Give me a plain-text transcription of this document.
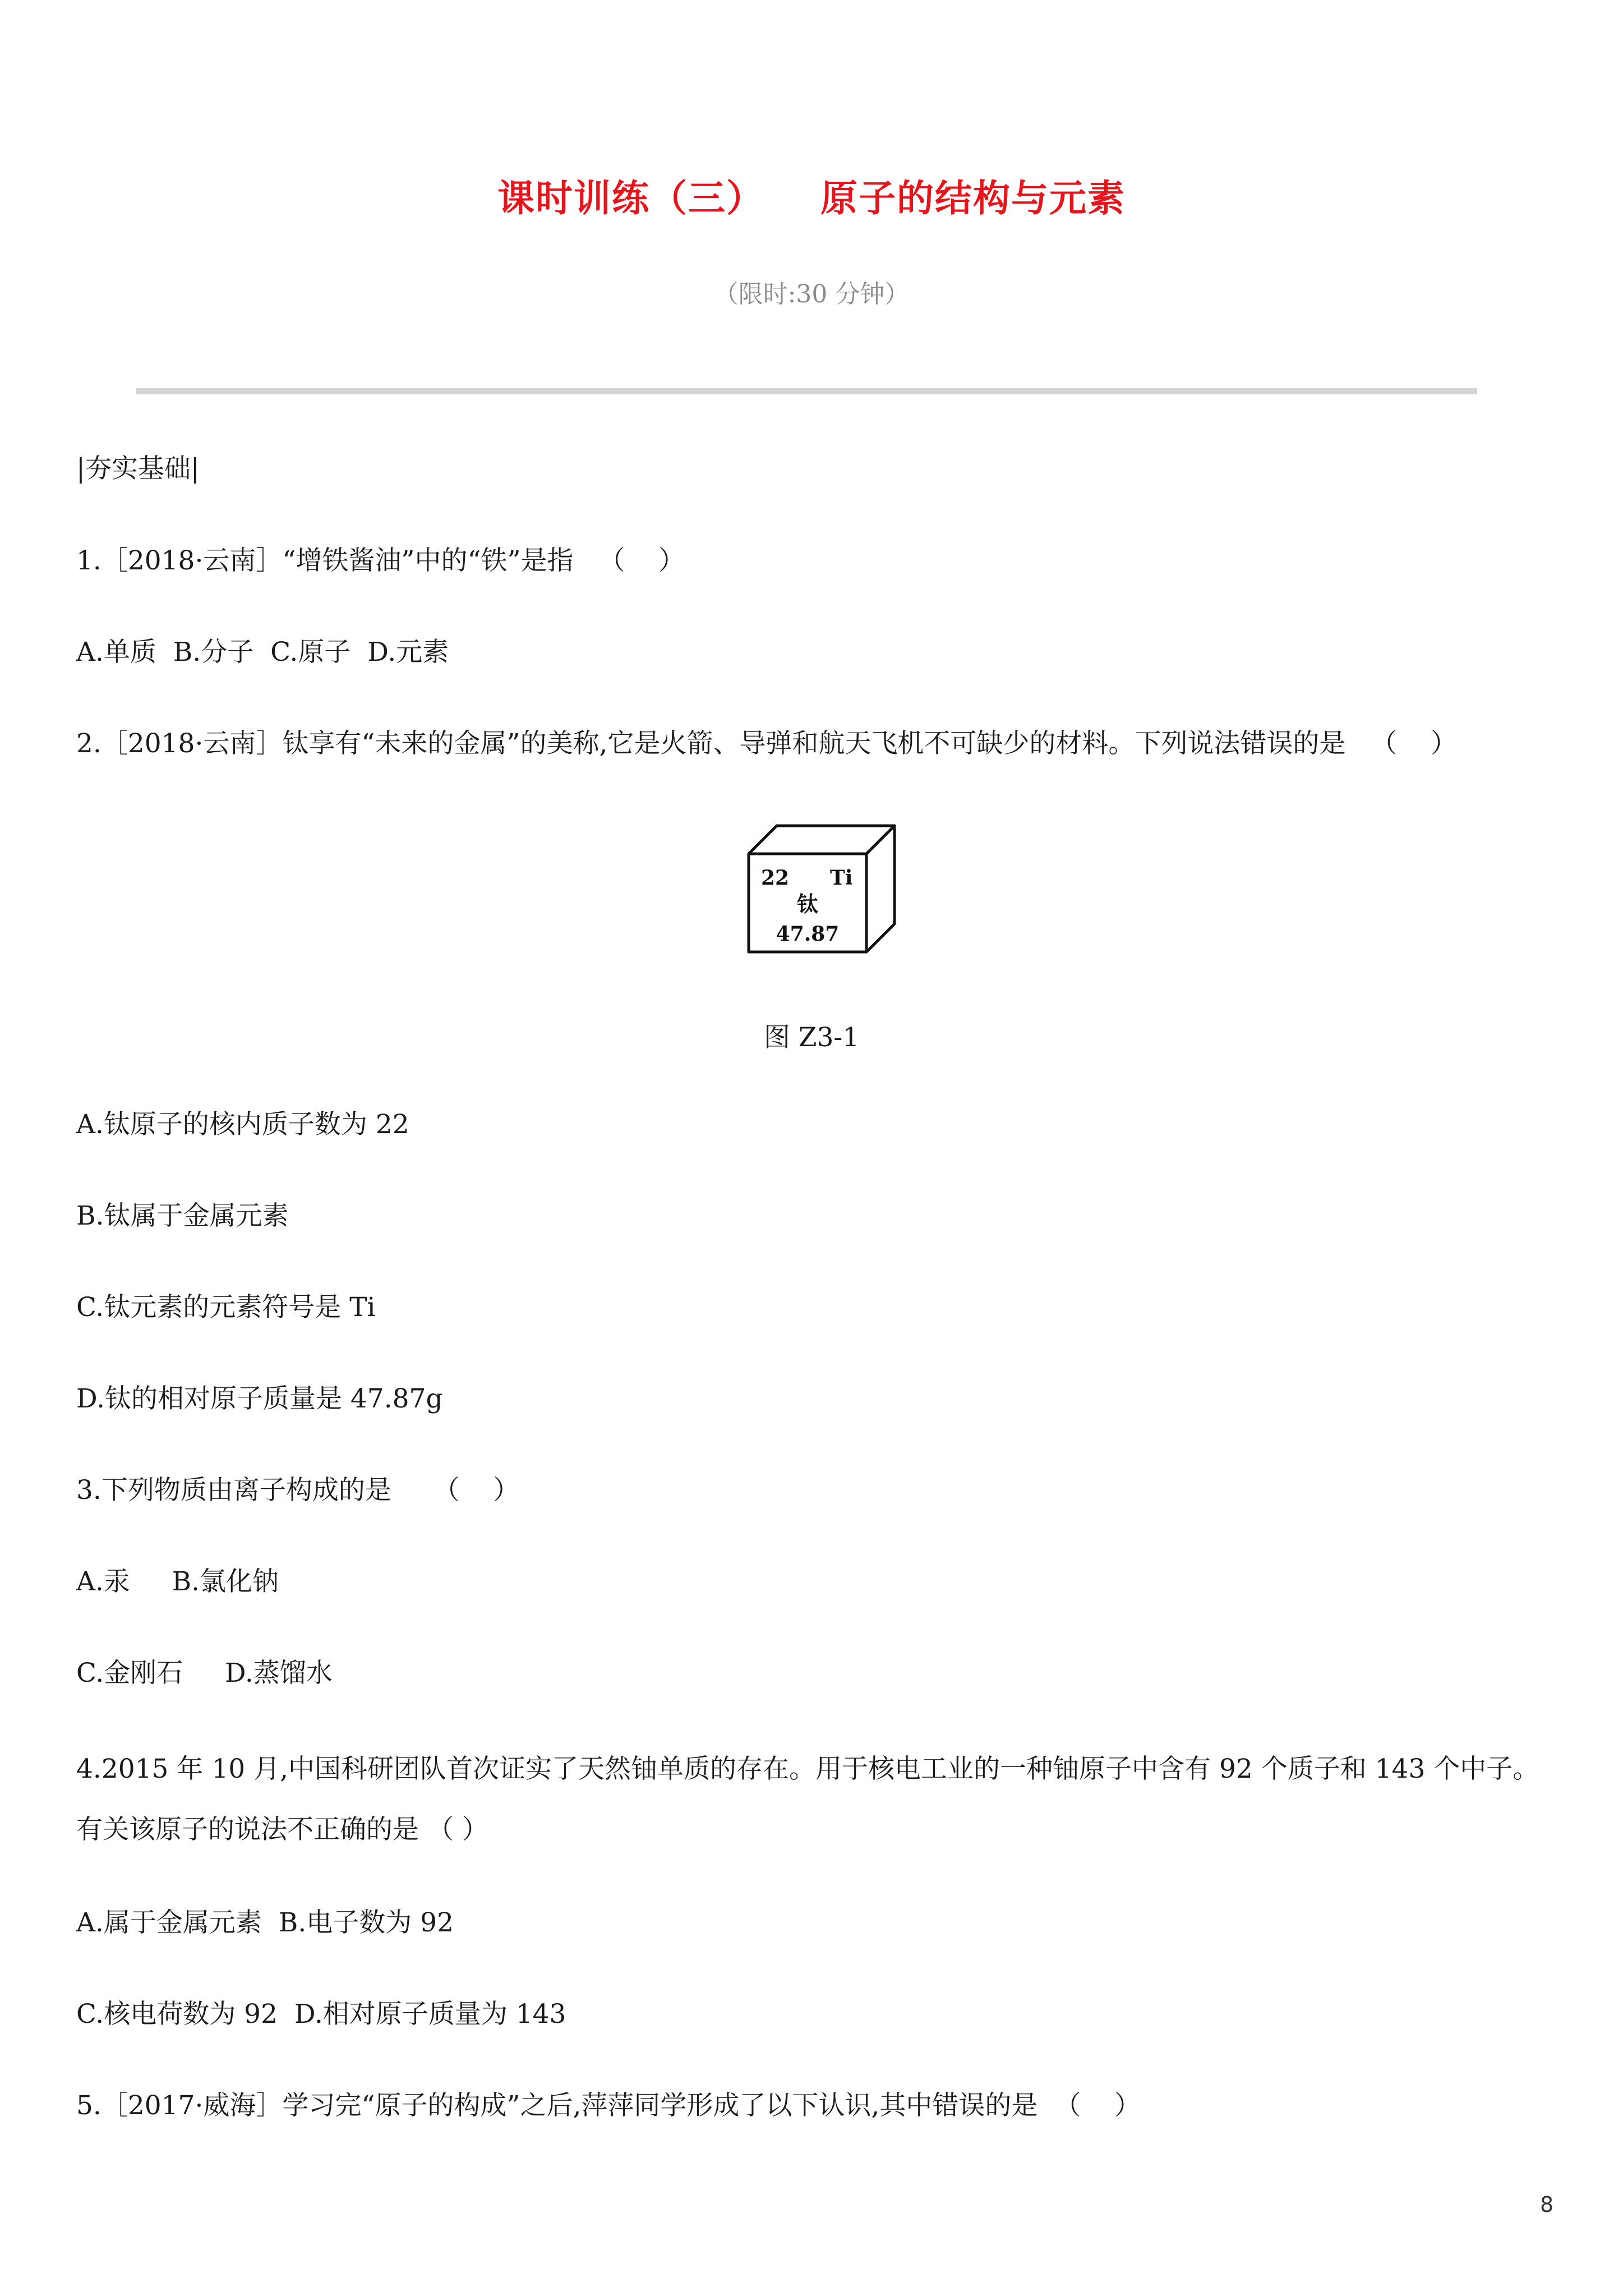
课时训练（三）    原子的结构与元素
（限时:30 分钟）
|夯实基础|
1.［2018·云南］“增铁酱油”中的“铁”是指   （    ）
A.单质  B.分子  C.原子  D.元素
2.［2018·云南］钛享有“未来的金属”的美称,它是火箭、导弹和航天飞机不可缺少的材料。下列说法错误的是   （    ）
22 Ti
钛
47.87
图 Z3-1
A.钛原子的核内质子数为 22
B.钛属于金属元素
C.钛元素的元素符号是 Ti
D.钛的相对原子质量是 47.87g
3.下列物质由离子构成的是     （    ）
A.汞     B.氯化钠
C.金刚石     D.蒸馏水
4.2015 年 10 月,中国科研团队首次证实了天然铀单质的存在。用于核电工业的一种铀原子中含有 92 个质子和 143 个中子。有关该原子的说法不正确的是 （ ）
A.属于金属元素  B.电子数为 92
C.核电荷数为 92  D.相对原子质量为 143
5.［2017·威海］学习完“原子的构成”之后,萍萍同学形成了以下认识,其中错误的是  （    ）
8
